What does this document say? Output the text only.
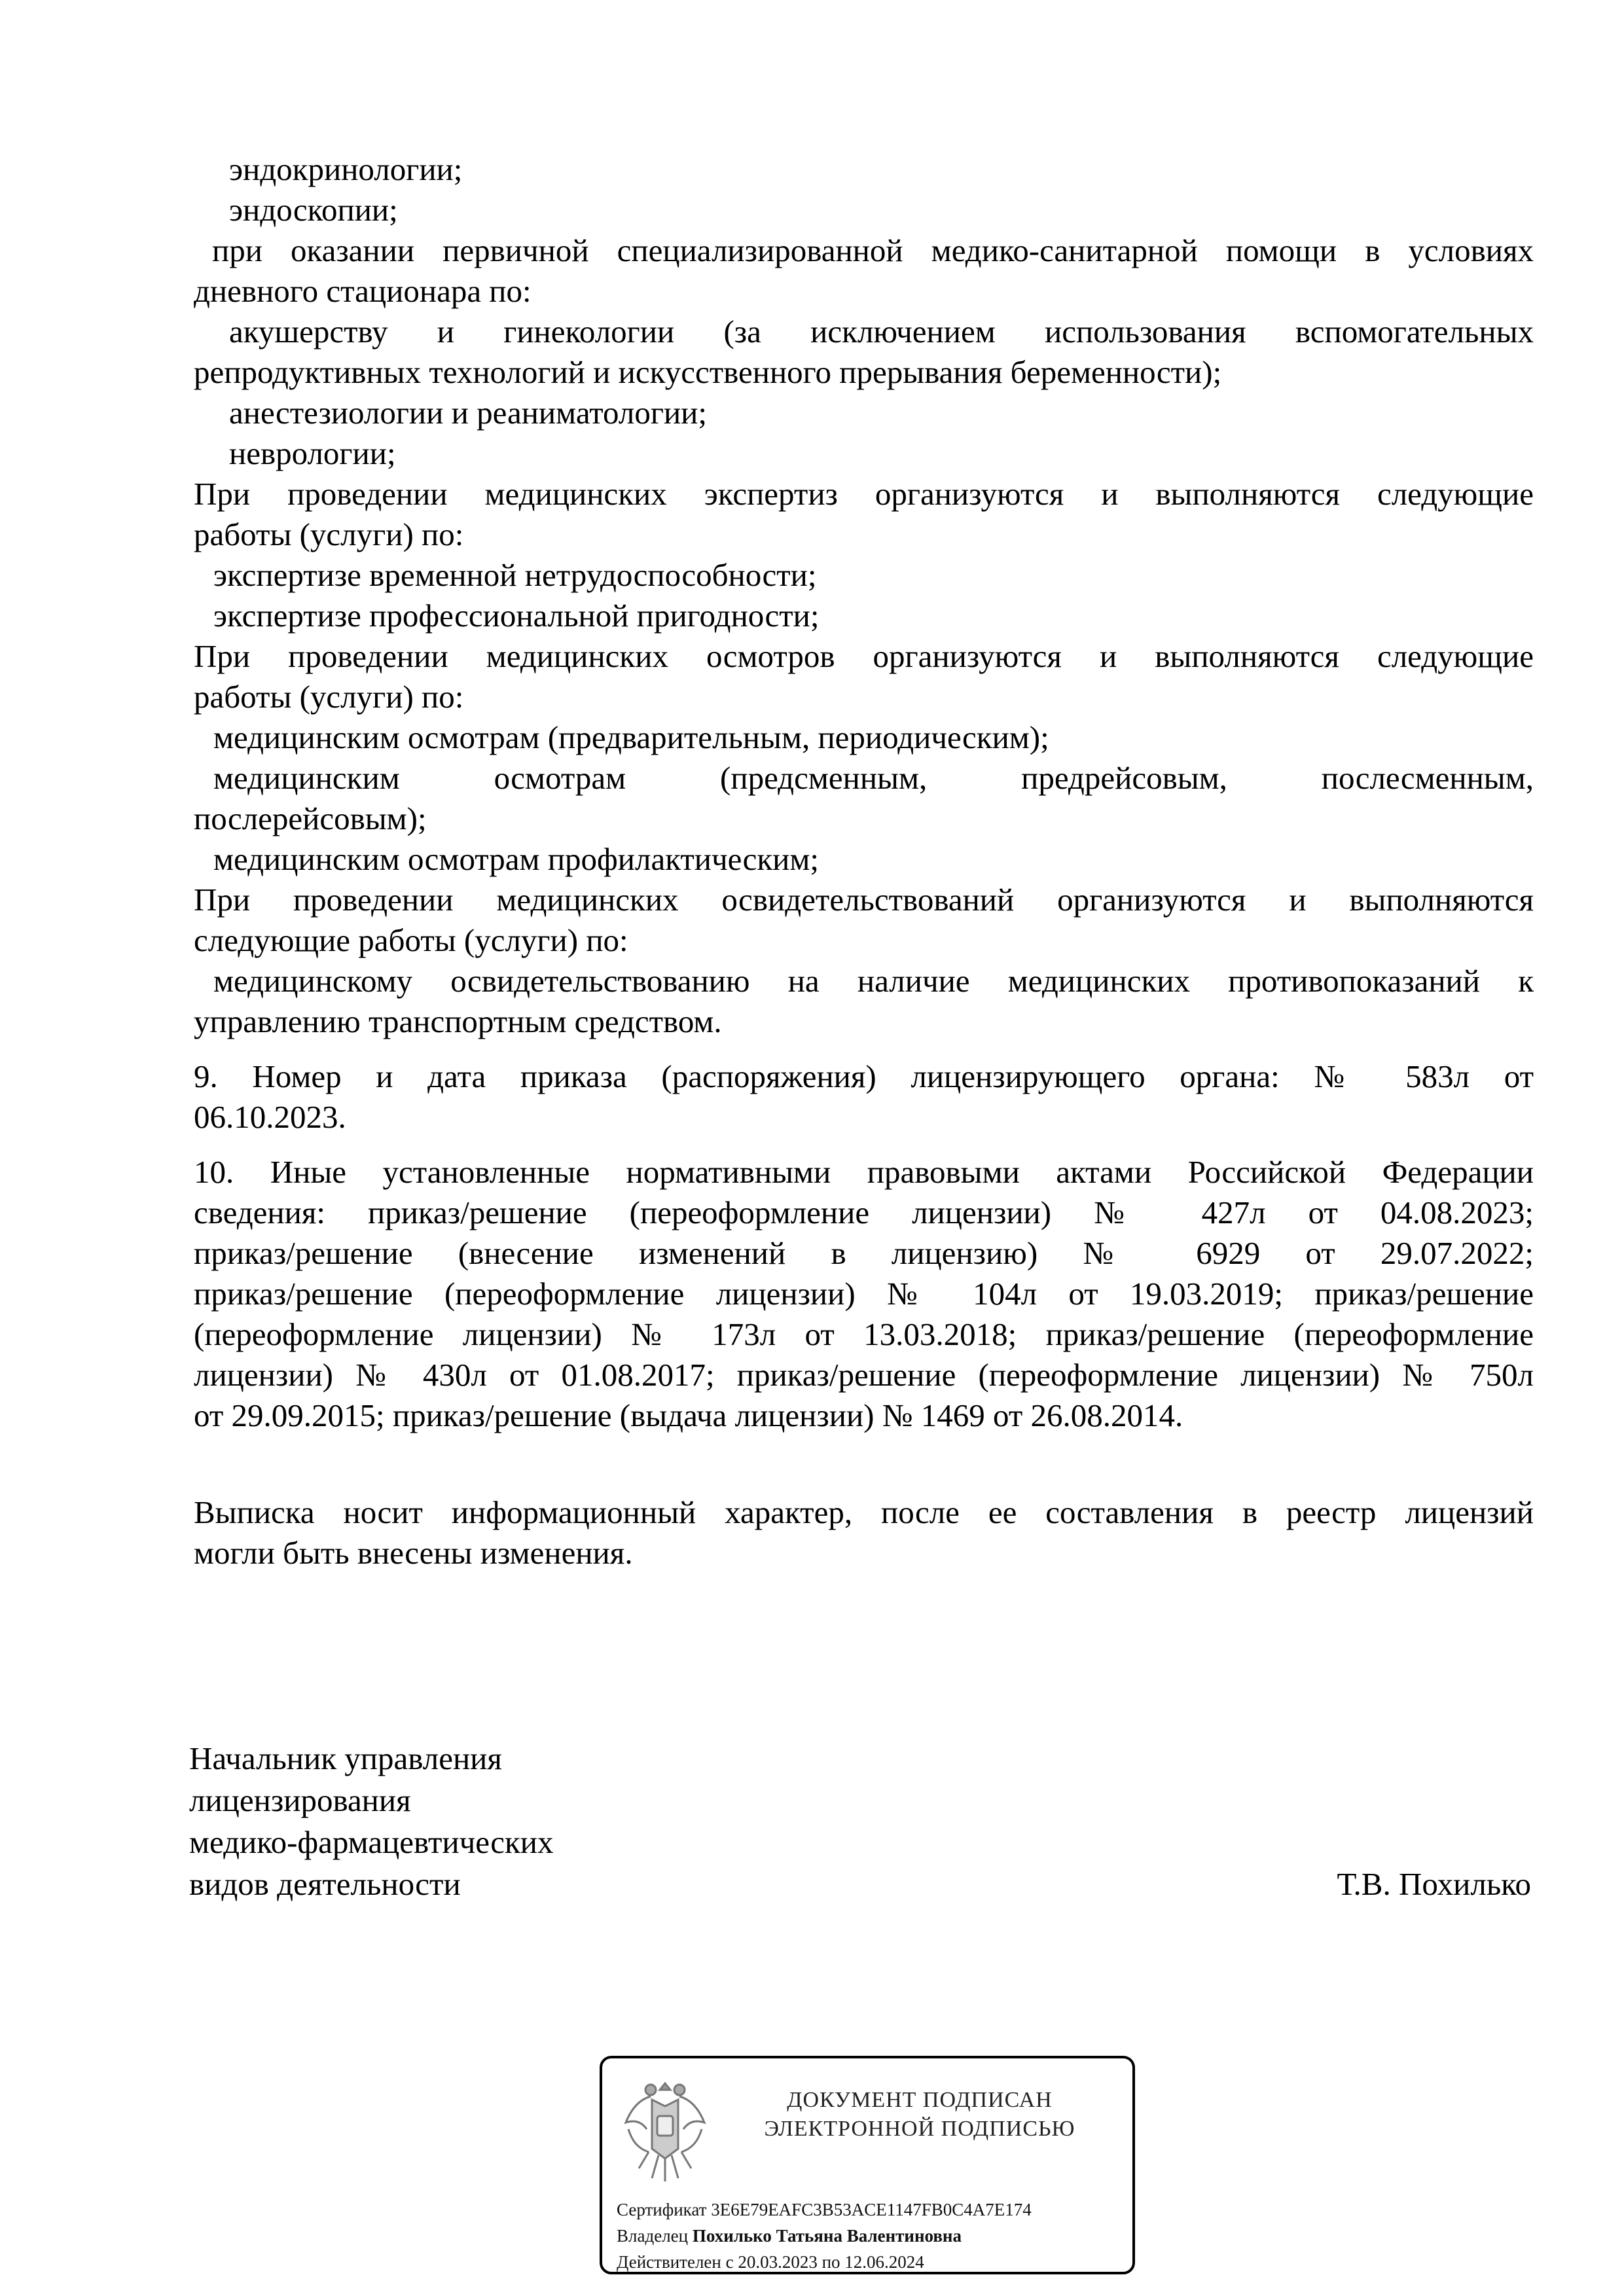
эндокринологии;
эндоскопии;
при оказании первичной специализированной медико-санитарной помощи в условиях
дневного стационара по:
акушерству и гинекологии (за исключением использования вспомогательных
репродуктивных технологий и искусственного прерывания беременности);
анестезиологии и реаниматологии;
неврологии;
При проведении медицинских экспертиз организуются и выполняются следующие
работы (услуги) по:
экспертизе временной нетрудоспособности;
экспертизе профессиональной пригодности;
При проведении медицинских осмотров организуются и выполняются следующие
работы (услуги) по:
медицинским осмотрам (предварительным, периодическим);
медицинским осмотрам (предсменным, предрейсовым, послесменным,
послерейсовым);
медицинским осмотрам профилактическим;
При проведении медицинских освидетельствований организуются и выполняются
следующие работы (услуги) по:
медицинскому освидетельствованию на наличие медицинских противопоказаний к
управлению транспортным средством.
9. Номер и дата приказа (распоряжения) лицензирующего органа: № 583л от
06.10.2023.
10. Иные установленные нормативными правовыми актами Российской Федерации
сведения: приказ/решение (переоформление лицензии) № 427л от 04.08.2023;
приказ/решение (внесение изменений в лицензию) № 6929 от 29.07.2022;
приказ/решение (переоформление лицензии) № 104л от 19.03.2019; приказ/решение
(переоформление лицензии) № 173л от 13.03.2018; приказ/решение (переоформление
лицензии) № 430л от 01.08.2017; приказ/решение (переоформление лицензии) № 750л
от 29.09.2015; приказ/решение (выдача лицензии) № 1469 от 26.08.2014.
Выписка носит информационный характер, после ее составления в реестр лицензий
могли быть внесены изменения.
Начальник управления
лицензирования
медико-фармацевтических
видов деятельности	Т.В. Похилько
ДОКУМЕНТ ПОДПИСАН
ЭЛЕКТРОННОЙ ПОДПИСЬЮ
Сертификат 3E6E79EAFC3B53ACE1147FB0C4A7E174
Владелец Похилько Татьяна Валентиновна
Действителен с 20.03.2023 по 12.06.2024
